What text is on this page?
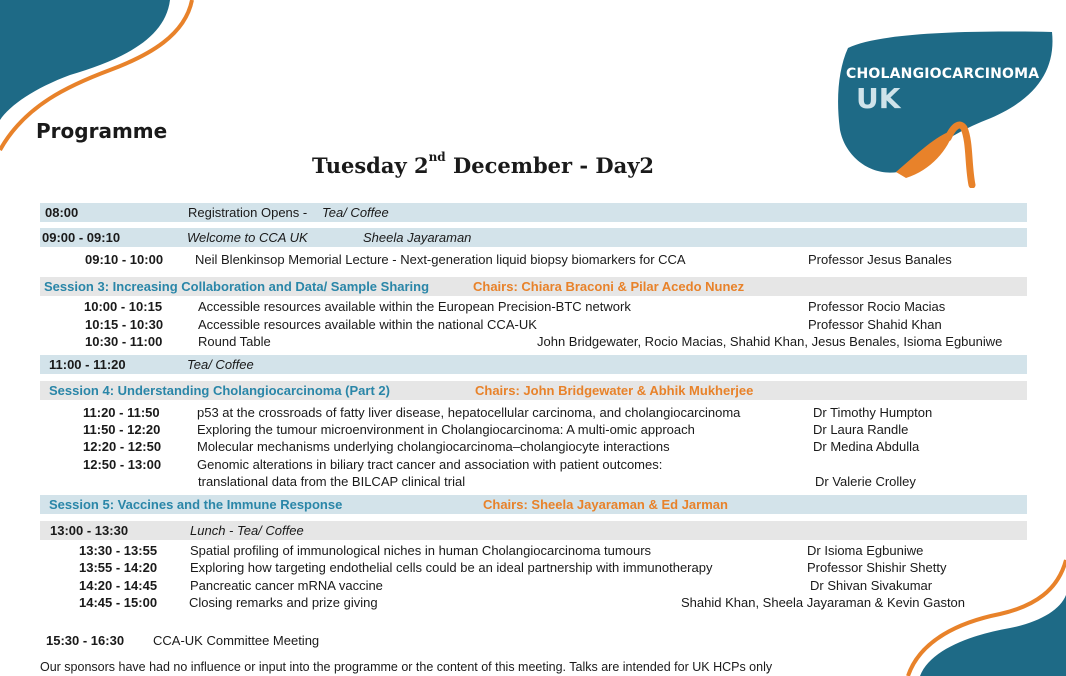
CHOLANGIOCARCINOMA
UK
Programme
Tuesday 2nd December - Day2
08:00	Registration Opens - Tea/ Coffee
09:00 - 09:10	Welcome to CCA UK	Sheela Jayaraman
09:10 - 10:00 Neil Blenkinsop Memorial Lecture - Next-generation liquid biopsy biomarkers for CCA	Professor Jesus Banales
Session 3: Increasing Collaboration and Data/ Sample Sharing	Chairs: Chiara Braconi & Pilar Acedo Nunez
10:00 - 10:15	Accessible resources available within the European Precision-BTC network	Professor Rocio Macias
10:15 - 10:30	Accessible resources available within the national CCA-UK	Professor Shahid Khan
10:30 - 11:00	Round Table	John Bridgewater, Rocio Macias, Shahid Khan, Jesus Benales, Isioma Egbuniwe
11:00 - 11:20	Tea/ Coffee
Session 4: Understanding Cholangiocarcinoma (Part 2)	Chairs: John Bridgewater & Abhik Mukherjee
11:20 - 11:50	p53 at the crossroads of fatty liver disease, hepatocellular carcinoma, and cholangiocarcinoma	Dr Timothy Humpton
11:50 - 12:20	Exploring the tumour microenvironment in Cholangiocarcinoma: A multi-omic approach	Dr Laura Randle
12:20 - 12:50	Molecular mechanisms underlying cholangiocarcinoma–cholangiocyte interactions	Dr Medina Abdulla
12:50 - 13:00	Genomic alterations in biliary tract cancer and association with patient outcomes:
translational data from the BILCAP clinical trial	Dr Valerie Crolley
Session 5: Vaccines and the Immune Response	Chairs: Sheela Jayaraman & Ed Jarman
13:00 - 13:30	Lunch - Tea/ Coffee
13:30 - 13:55	Spatial profiling of immunological niches in human Cholangiocarcinoma tumours	Dr Isioma Egbuniwe
13:55 - 14:20	Exploring how targeting endothelial cells could be an ideal partnership with immunotherapy	Professor Shishir Shetty
14:20 - 14:45	Pancreatic cancer mRNA vaccine	Dr Shivan Sivakumar
14:45 - 15:00 Closing remarks and prize giving	Shahid Khan, Sheela Jayaraman & Kevin Gaston
15:30 - 16:30 CCA-UK Committee Meeting
Our sponsors have had no influence or input into the programme or the content of this meeting. Talks are intended for UK HCPs only
